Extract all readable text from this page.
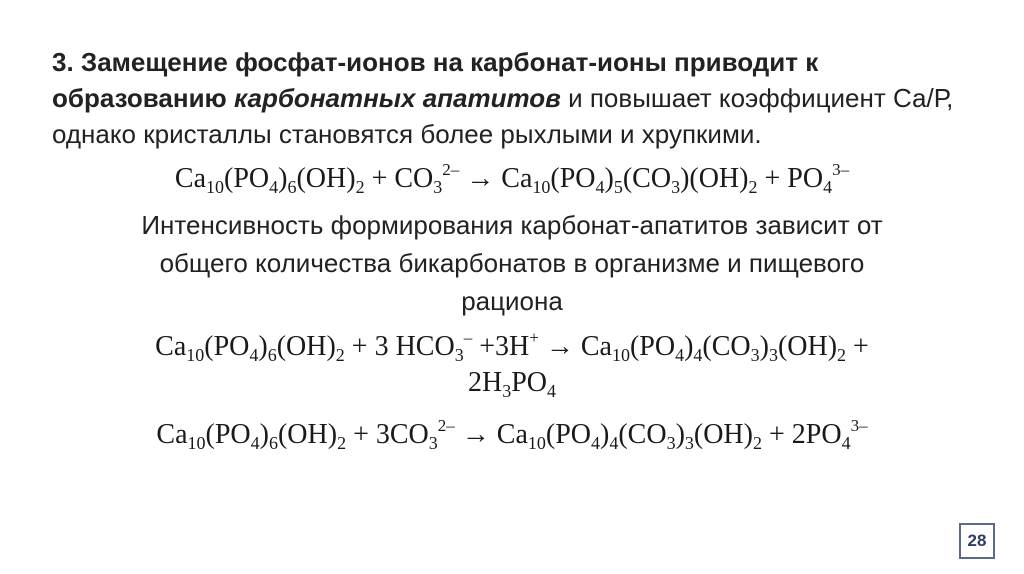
3. Замещение фосфат-ионов на карбонат-ионы приводит к образованию карбонатных апатитов и повышает коэффициент Са/Р, однако кристаллы становятся более рыхлыми и хрупкими.
$Ca_{10}(PO_4)_6(OH)_2 + CO_3^{2-} \to Ca_{10}(PO_4)_5(CO_3)(OH)_2 + PO_4^{3-}$
Интенсивность формирования карбонат-апатитов зависит от
общего количества бикарбонатов в организме и пищевого
рациона
$Ca_{10}(PO_4)_6(OH)_2 + 3$ $HCO_3^- +3H^+ \to Ca_{10}(PO_4)_4(CO_3)_3(OH)_2$ +
$2H_3PO_4$
$Ca_{10}(PO_4)_6(OH)_2 + 3CO_3^{2-} \to Ca_{10}(PO_4)_4(CO_3)_3(OH)_2 + 2PO_4^{3-}$
28
